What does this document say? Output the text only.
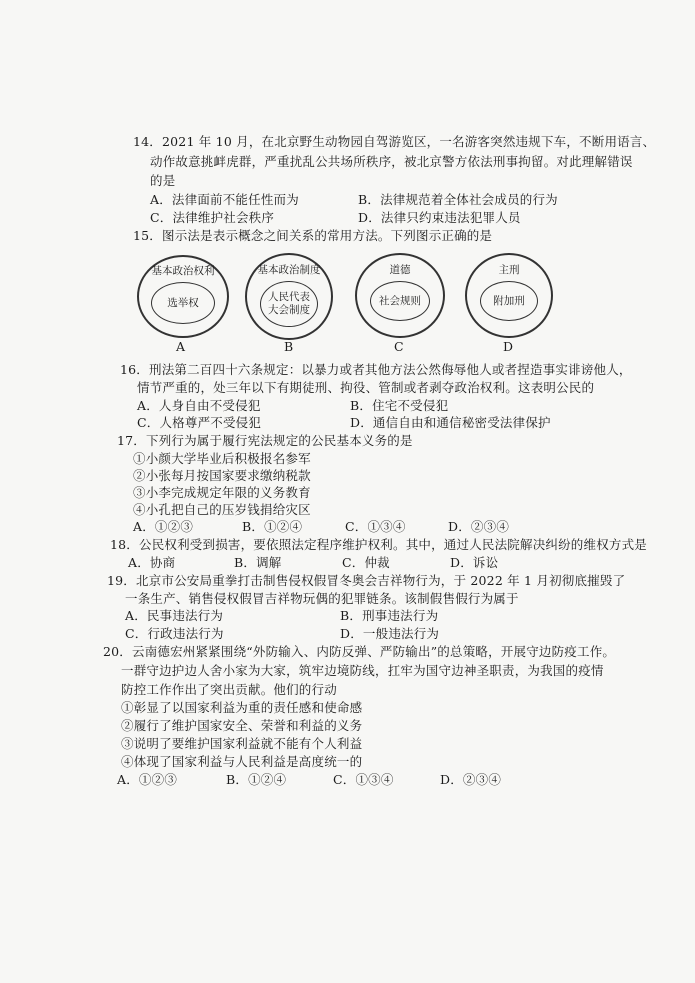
14．2021 年 10 月，在北京野生动物园自驾游览区，一名游客突然违规下车，不断用语言、
动作故意挑衅虎群，严重扰乱公共场所秩序，被北京警方依法刑事拘留。对此理解错误
的是
A．法律面前不能任性而为	B．法律规范着全体社会成员的行为
C．法律维护社会秩序	D．法律只约束违法犯罪人员
15．图示法是表示概念之间关系的常用方法。下列图示正确的是
基本政治权利
选举权
A
基本政治制度
人民代表
大会制度
B
道德
社会规则
C
主刑
附加刑
D
16．刑法第二百四十六条规定：以暴力或者其他方法公然侮辱他人或者捏造事实诽谤他人，
情节严重的，处三年以下有期徒刑、拘役、管制或者剥夺政治权利。这表明公民的
A．人身自由不受侵犯	B．住宅不受侵犯
C．人格尊严不受侵犯	D．通信自由和通信秘密受法律保护
17．下列行为属于履行宪法规定的公民基本义务的是
①小颜大学毕业后积极报名参军
②小张每月按国家要求缴纳税款
③小李完成规定年限的义务教育
④小孔把自己的压岁钱捐给灾区
A．①②③	B．①②④	C．①③④	D．②③④
18．公民权利受到损害，要依照法定程序维护权利。其中，通过人民法院解决纠纷的维权方式是
A．协商	B．调解	C．仲裁	D．诉讼
19．北京市公安局重拳打击制售侵权假冒冬奥会吉祥物行为，于 2022 年 1 月初彻底摧毁了
一条生产、销售侵权假冒吉祥物玩偶的犯罪链条。该制假售假行为属于
A．民事违法行为	B．刑事违法行为
C．行政违法行为	D．一般违法行为
20．云南德宏州紧紧围绕“外防输入、内防反弹、严防输出”的总策略，开展守边防疫工作。
一群守边护边人舍小家为大家，筑牢边境防线，扛牢为国守边神圣职责，为我国的疫情
防控工作作出了突出贡献。他们的行动
①彰显了以国家利益为重的责任感和使命感
②履行了维护国家安全、荣誉和利益的义务
③说明了要维护国家利益就不能有个人利益
④体现了国家利益与人民利益是高度统一的
A．①②③	B．①②④	C．①③④	D．②③④
